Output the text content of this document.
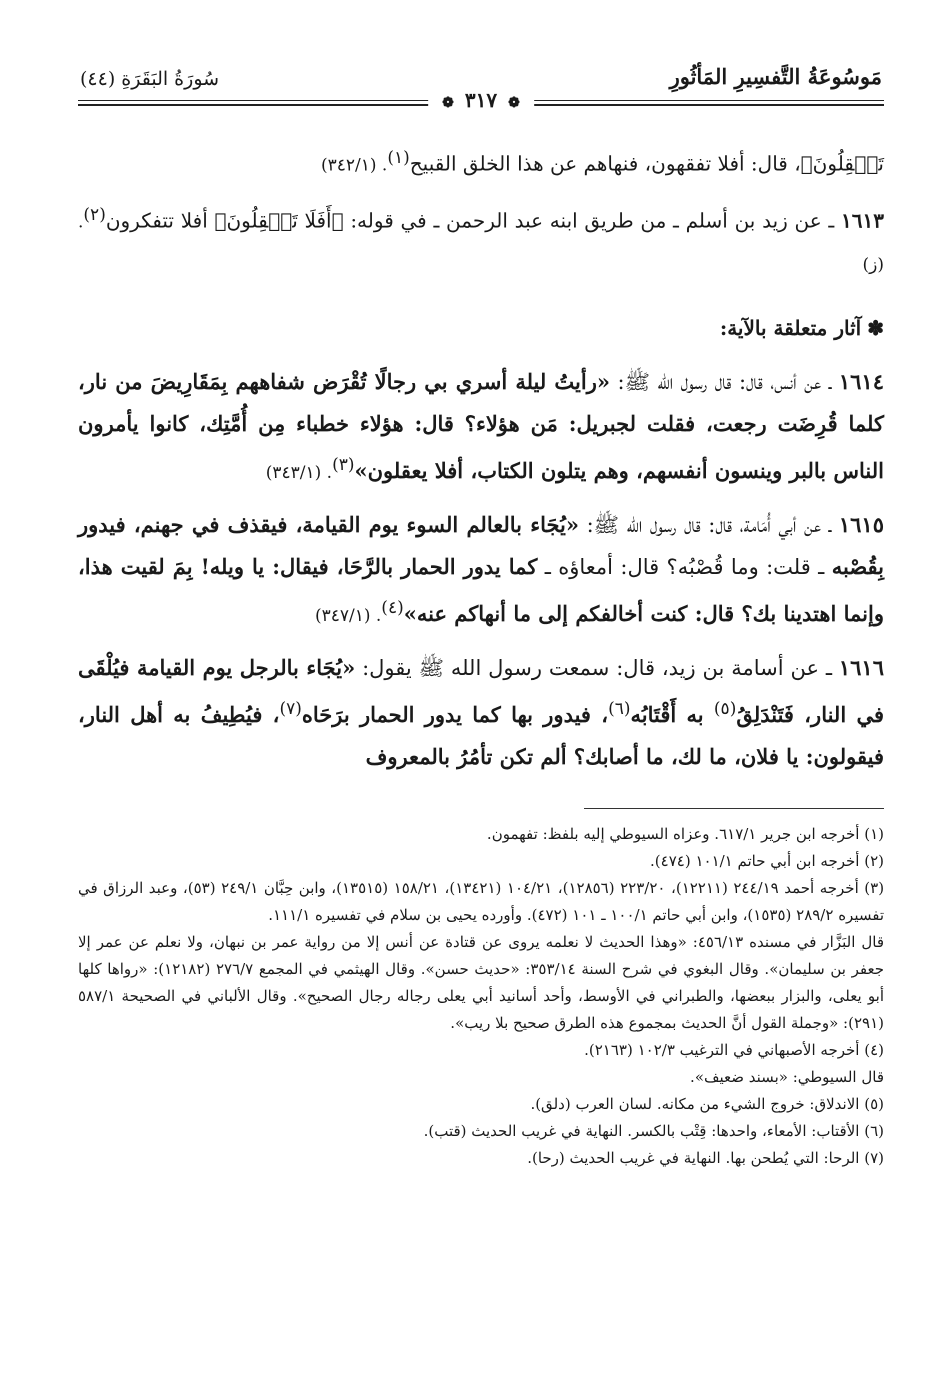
مَوسُوعَةُ التَّفسِيرِ المَأثُورِ
سُورَةُ البَقَرَةِ (٤٤)
❁ ٣١٧ ❁

تَعۡقِلُونَ﴾، قال: أفلا تفقهون، فنهاهم عن هذا الخلق القبيح$^{(١)}$. (٣٤٢/١)

١٦١٣ ـ عن زيد بن أسلم ـ من طريق ابنه عبد الرحمن ـ في قوله: ﴿أَفَلَا تَعۡقِلُونَ﴾ أفلا تتفكرون$^{(٢)}$. (ز)

✽آثار متعلقة بالآية:

١٦١٤ ـ عن أنس، قال: قال رسول الله ﷺ: «رأيتُ ليلة أسري بي رجالًا تُقْرَض شفاههم بِمَقَارِيضَ من نار، كلما قُرِضَت رجعت، فقلت لجبريل: مَن هؤلاء؟ قال: هؤلاء خطباء مِن أُمَّتِك، كانوا يأمرون الناس بالبر وينسون أنفسهم، وهم يتلون الكتاب، أفلا يعقلون»$^{(٣)}$. (٣٤٣/١)

١٦١٥ ـ عن أبي أُمَامة، قال: قال رسول الله ﷺ: «يُجَاء بالعالم السوء يوم القيامة، فيقذف في جهنم، فيدور بِقُصْبه ـ قلت: وما قُصْبُه؟ قال: أمعاؤه ـ كما يدور الحمار بالرَّحَا، فيقال: يا ويله! بِمَ لقيت هذا، وإنما اهتدينا بك؟ قال: كنت أخالفكم إلى ما أنهاكم عنه»$^{(٤)}$. (٣٤٧/١)

١٦١٦ ـ عن أسامة بن زيد، قال: سمعت رسول الله ﷺ يقول: «يُجَاء بالرجل يوم القيامة فيُلْقَى في النار، فَتَنْدَلِقُ$^{(٥)}$ به أَقْتَابُه$^{(٦)}$، فيدور بها كما يدور الحمار برَحَاه$^{(٧)}$، فيُطِيفُ به أهل النار، فيقولون: يا فلان، ما لك، ما أصابك؟ ألم تكن تأمُرُ بالمعروف

(١) أخرجه ابن جرير ٦١٧/١. وعزاه السيوطي إليه بلفظ: تفهمون.

(٢) أخرجه ابن أبي حاتم ١٠١/١ (٤٧٤).

(٣) أخرجه أحمد ٢٤٤/١٩ (١٢٢١١)، ٢٢٣/٢٠ (١٢٨٥٦)، ١٠٤/٢١ (١٣٤٢١)، ١٥٨/٢١ (١٣٥١٥)، وابن حِبَّان ٢٤٩/١ (٥٣)، وعبد الرزاق في تفسيره ٢٨٩/٢ (١٥٣٥)، وابن أبي حاتم ١٠٠/١ ـ ١٠١ (٤٧٢). وأورده يحيى بن سلام في تفسيره ١١١/١.

قال البَزَّار في مسنده ٤٥٦/١٣: «وهذا الحديث لا نعلمه يروى عن قتادة عن أنس إلا من رواية عمر بن نبهان، ولا نعلم عن عمر إلا جعفر بن سليمان». وقال البغوي في شرح السنة ٣٥٣/١٤: «حديث حسن». وقال الهيثمي في المجمع ٢٧٦/٧ (١٢١٨٢): «رواها كلها أبو يعلى، والبزار ببعضها، والطبراني في الأوسط، وأحد أسانيد أبي يعلى رجاله رجال الصحيح». وقال الألباني في الصحيحة ٥٨٧/١ (٢٩١): «وجملة القول أنَّ الحديث بمجموع هذه الطرق صحيح بلا ريب».

(٤) أخرجه الأصبهاني في الترغيب ١٠٢/٣ (٢١٦٣).

قال السيوطي: «بسند ضعيف».

(٥) الاندلاق: خروج الشيء من مكانه. لسان العرب (دلق).

(٦) الأقتاب: الأمعاء، واحدها: قِتْب بالكسر. النهاية في غريب الحديث (قتب).

(٧) الرحا: التي يُطحن بها. النهاية في غريب الحديث (رحا).
